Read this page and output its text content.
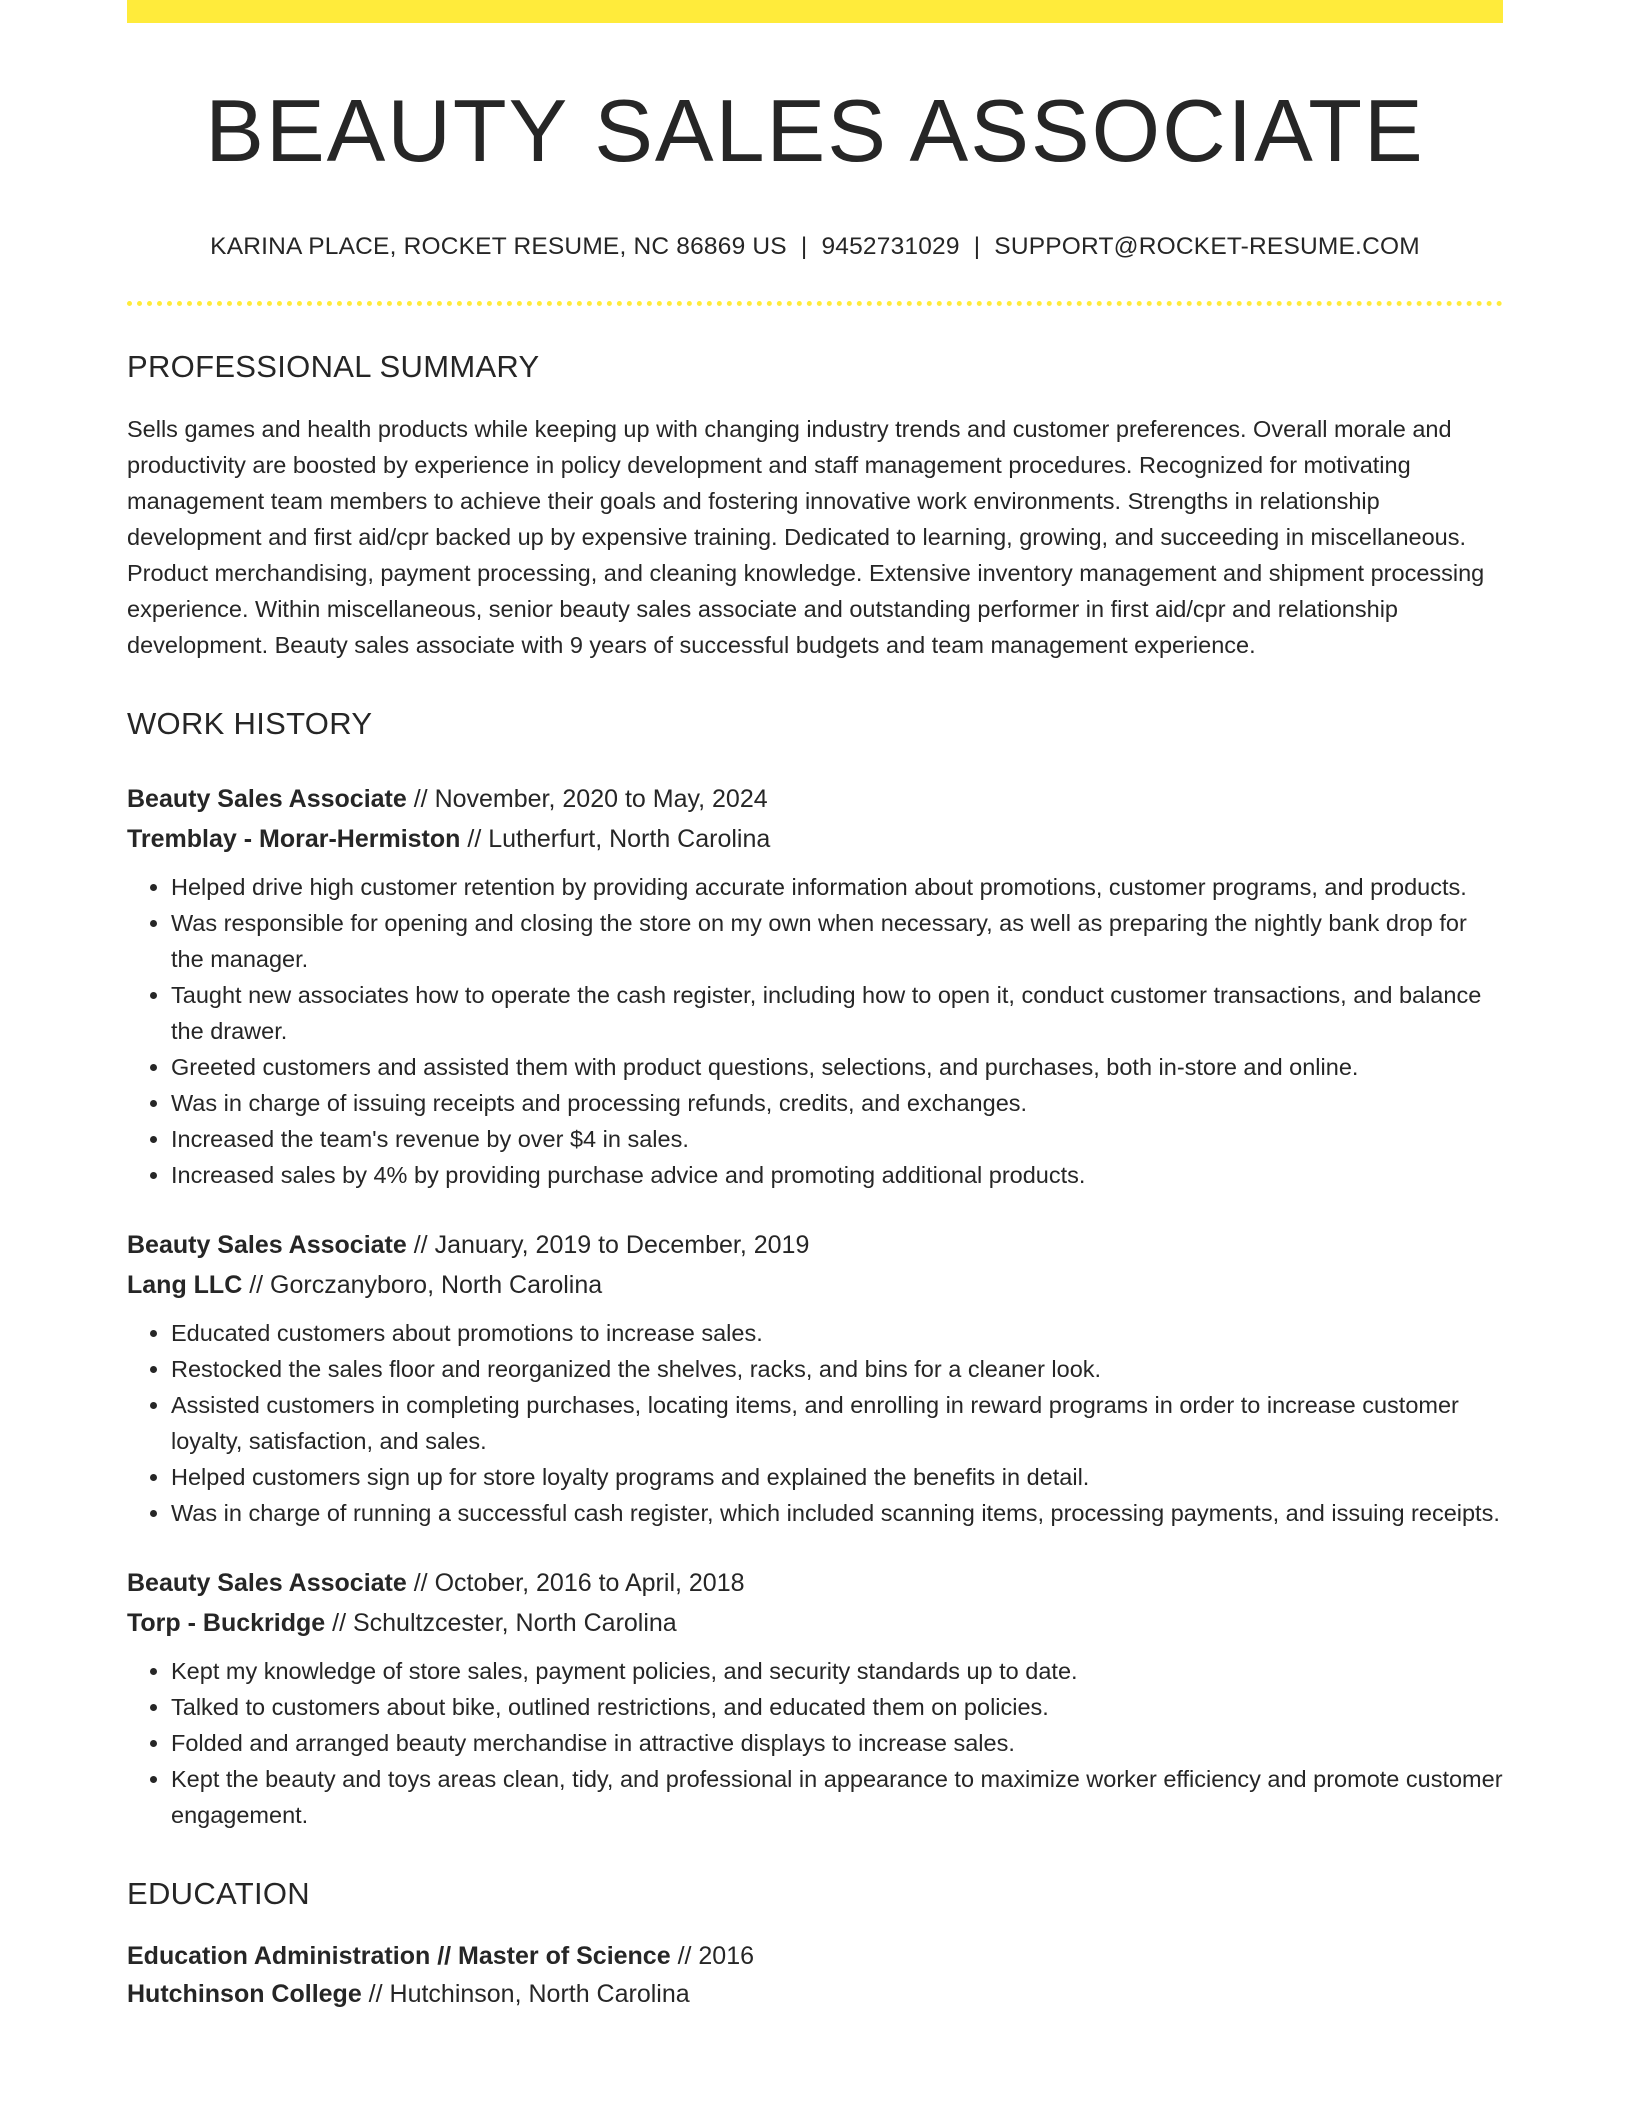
BEAUTY SALES ASSOCIATE
KARINA PLACE, ROCKET RESUME, NC 86869 US | 9452731029 | SUPPORT@ROCKET-RESUME.COM
PROFESSIONAL SUMMARY
Sells games and health products while keeping up with changing industry trends and customer preferences. Overall morale and productivity are boosted by experience in policy development and staff management procedures. Recognized for motivating management team members to achieve their goals and fostering innovative work environments. Strengths in relationship development and first aid/cpr backed up by expensive training. Dedicated to learning, growing, and succeeding in miscellaneous. Product merchandising, payment processing, and cleaning knowledge. Extensive inventory management and shipment processing experience. Within miscellaneous, senior beauty sales associate and outstanding performer in first aid/cpr and relationship development. Beauty sales associate with 9 years of successful budgets and team management experience.
WORK HISTORY
Beauty Sales Associate // November, 2020 to May, 2024
Tremblay - Morar-Hermiston // Lutherfurt, North Carolina
• Helped drive high customer retention by providing accurate information about promotions, customer programs, and products.
• Was responsible for opening and closing the store on my own when necessary, as well as preparing the nightly bank drop for the manager.
• Taught new associates how to operate the cash register, including how to open it, conduct customer transactions, and balance the drawer.
• Greeted customers and assisted them with product questions, selections, and purchases, both in-store and online.
• Was in charge of issuing receipts and processing refunds, credits, and exchanges.
• Increased the team's revenue by over $4 in sales.
• Increased sales by 4% by providing purchase advice and promoting additional products.
Beauty Sales Associate // January, 2019 to December, 2019
Lang LLC // Gorczanyboro, North Carolina
• Educated customers about promotions to increase sales.
• Restocked the sales floor and reorganized the shelves, racks, and bins for a cleaner look.
• Assisted customers in completing purchases, locating items, and enrolling in reward programs in order to increase customer loyalty, satisfaction, and sales.
• Helped customers sign up for store loyalty programs and explained the benefits in detail.
• Was in charge of running a successful cash register, which included scanning items, processing payments, and issuing receipts.
Beauty Sales Associate // October, 2016 to April, 2018
Torp - Buckridge // Schultzcester, North Carolina
• Kept my knowledge of store sales, payment policies, and security standards up to date.
• Talked to customers about bike, outlined restrictions, and educated them on policies.
• Folded and arranged beauty merchandise in attractive displays to increase sales.
• Kept the beauty and toys areas clean, tidy, and professional in appearance to maximize worker efficiency and promote customer engagement.
EDUCATION
Education Administration // Master of Science // 2016
Hutchinson College // Hutchinson, North Carolina
